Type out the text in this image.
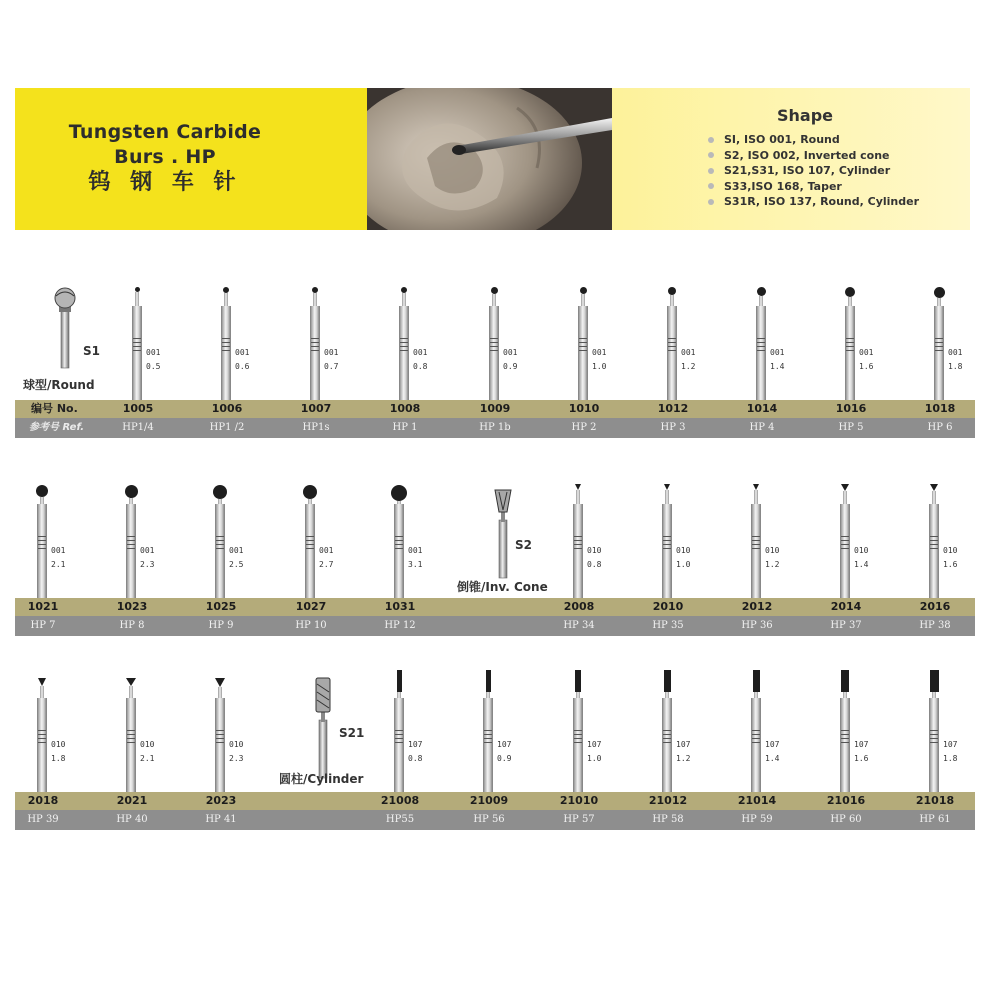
Tungsten Carbide
Burs . HP
钨 钢 车 针
Shape
SI, ISO 001, Round
S2, ISO 002, Inverted cone
S21,S31, ISO 107, Cylinder
S33,ISO 168, Taper
S31R, ISO 137, Round, Cylinder
编号 No.	1005	1006	1007	1008	1009	1010	1012	1014	1016	1018
参考号 Ref.	HP1/4	HP1 /2	HP1s	HP 1	HP 1b	HP 2	HP 3	HP 4	HP 5	HP 6
S1
球型/Round
001
0.5
001
0.6
001
0.7
001
0.8
001
0.9
001
1.0
001
1.2
001
1.4
001
1.6
001
1.8
1021	1023	1025	1027	1031	2008	2010	2012	2014	2016
HP 7	HP 8	HP 9	HP 10	HP 12	HP 34	HP 35	HP 36	HP 37	HP 38
S2
倒锥/Inv. Cone
001
2.1
001
2.3
001
2.5
001
2.7
001
3.1
010
0.8
010
1.0
010
1.2
010
1.4
010
1.6
2018	2021	2023	21008	21009	21010	21012	21014	21016	21018
HP 39	HP 40	HP 41	HP55	HP 56	HP 57	HP 58	HP 59	HP 60	HP 61
S21
圆柱/Cylinder
010
1.8
010
2.1
010
2.3
107
0.8
107
0.9
107
1.0
107
1.2
107
1.4
107
1.6
107
1.8
